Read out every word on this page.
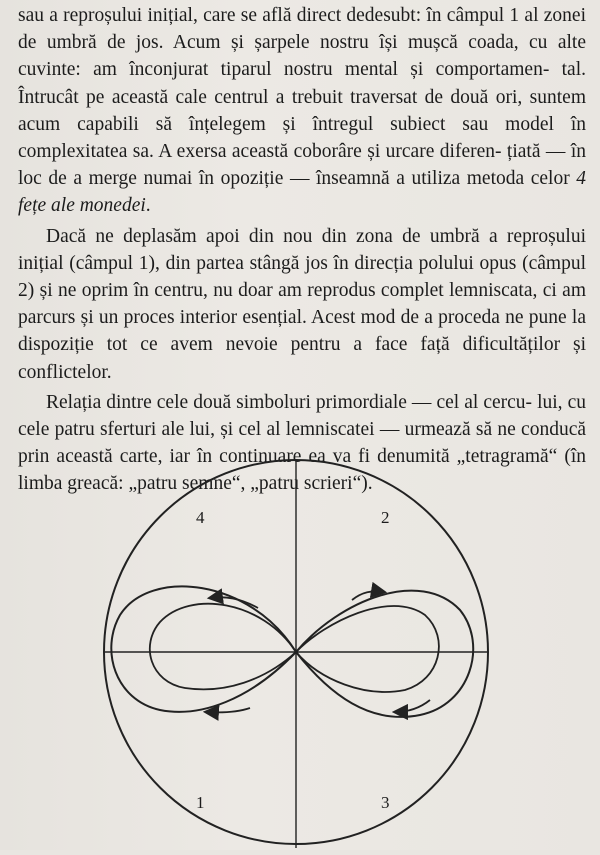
sau a reproșului inițial, care se află direct dedesubt: în câmpul 1 al zonei de umbră de jos. Acum și șarpele nostru își mușcă coada, cu alte cuvinte: am înconjurat tiparul nostru mental și comportamen- tal. Întrucât pe această cale centrul a trebuit traversat de două ori, suntem acum capabili să înțelegem și întregul subiect sau model în complexitatea sa. A exersa această coborâre și urcare diferen- țiată — în loc de a merge numai în opoziție — înseamnă a utiliza metoda celor 4 fețe ale monedei.

Dacă ne deplasăm apoi din nou din zona de umbră a reproșului inițial (câmpul 1), din partea stângă jos în direcția polului opus (câmpul 2) și ne oprim în centru, nu doar am reprodus complet lemniscata, ci am parcurs și un proces interior esențial. Acest mod de a proceda ne pune la dispoziție tot ce avem nevoie pentru a face față dificultăților și conflictelor.

Relația dintre cele două simboluri primordiale — cel al cercu- lui, cu cele patru sferturi ale lui, și cel al lemniscatei — urmează să ne conducă prin această carte, iar în continuare ea va fi denumită „tetragramă“ (în limba greacă: „patru semne“, „patru scrieri“).

4	2
1	3
